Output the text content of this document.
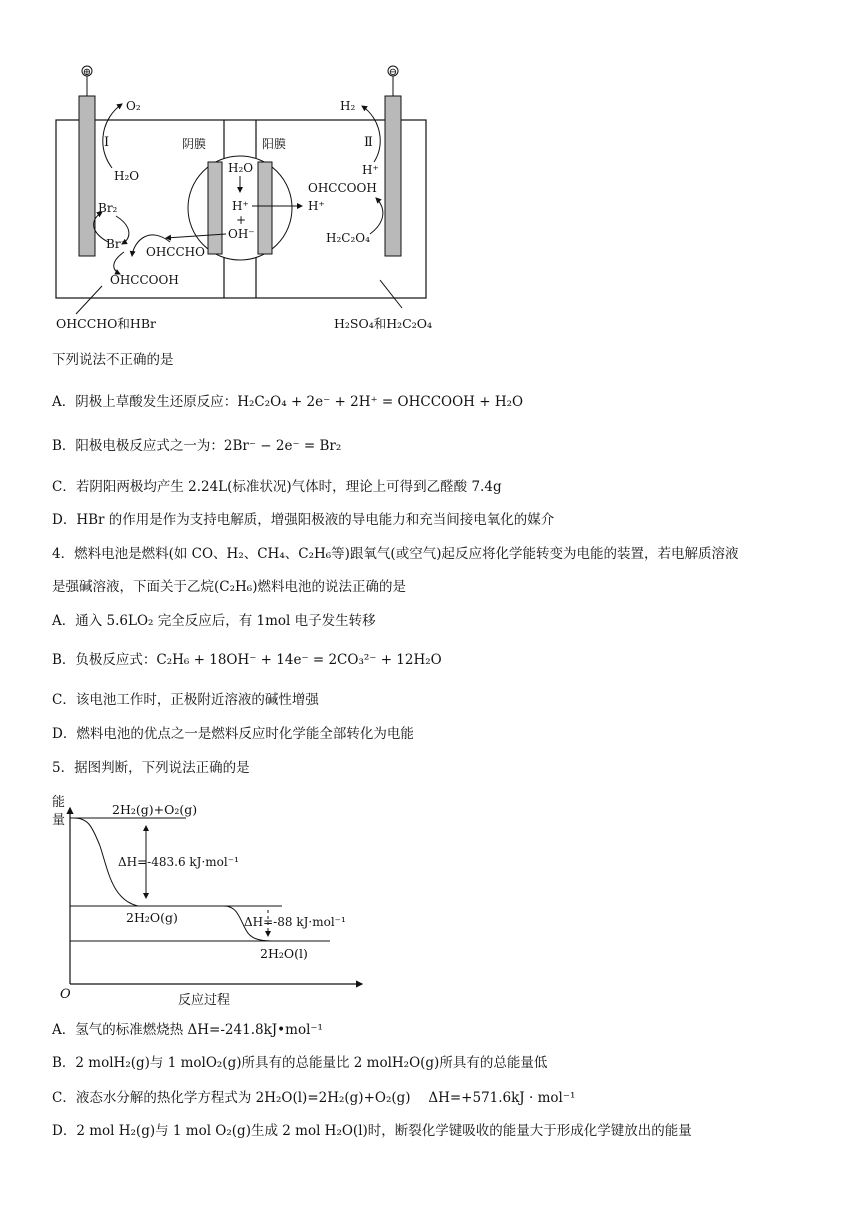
⊕	⊖
I
O₂
H₂O
Br₂
Br⁻
OHCCHO
OHCCOOH
阴膜	阳膜
H₂O
H⁺
+
OH⁻
H⁺
Ⅱ
H₂
H⁺
OHCCOOH
H₂C₂O₄
OHCCHO和HBr	H₂SO₄和H₂C₂O₄
下列说法不正确的是
A．阴极上草酸发生还原反应：H₂C₂O₄ + 2e⁻ + 2H⁺ = OHCCOOH + H₂O
B．阳极电极反应式之一为：2Br⁻ − 2e⁻ = Br₂
C．若阴阳两极均产生 2.24L(标准状况)气体时，理论上可得到乙醛酸 7.4g
D．HBr 的作用是作为支持电解质，增强阳极液的导电能力和充当间接电氧化的媒介
4．燃料电池是燃料(如 CO、H₂、CH₄、C₂H₆等)跟氧气(或空气)起反应将化学能转变为电能的装置，若电解质溶液
是强碱溶液，下面关于乙烷(C₂H₆)燃料电池的说法正确的是
A．通入 5.6LO₂ 完全反应后，有 1mol 电子发生转移
B．负极反应式：C₂H₆ + 18OH⁻ + 14e⁻ = 2CO₃²⁻ + 12H₂O
C．该电池工作时，正极附近溶液的碱性增强
D．燃料电池的优点之一是燃料反应时化学能全部转化为电能
5．据图判断，下列说法正确的是
能
量
O	反应过程
2H₂(g)+O₂(g)
ΔH=-483.6 kJ·mol⁻¹
2H₂O(g)	ΔH=-88 kJ·mol⁻¹
2H₂O(l)
A．氢气的标准燃烧热 ΔH=-241.8kJ•mol⁻¹
B．2 molH₂(g)与 1 molO₂(g)所具有的总能量比 2 molH₂O(g)所具有的总能量低
C．液态水分解的热化学方程式为 2H₂O(l)=2H₂(g)+O₂(g)　 ΔH=+571.6kJ · mol⁻¹
D．2 mol H₂(g)与 1 mol O₂(g)生成 2 mol H₂O(l)时，断裂化学键吸收的能量大于形成化学键放出的能量
